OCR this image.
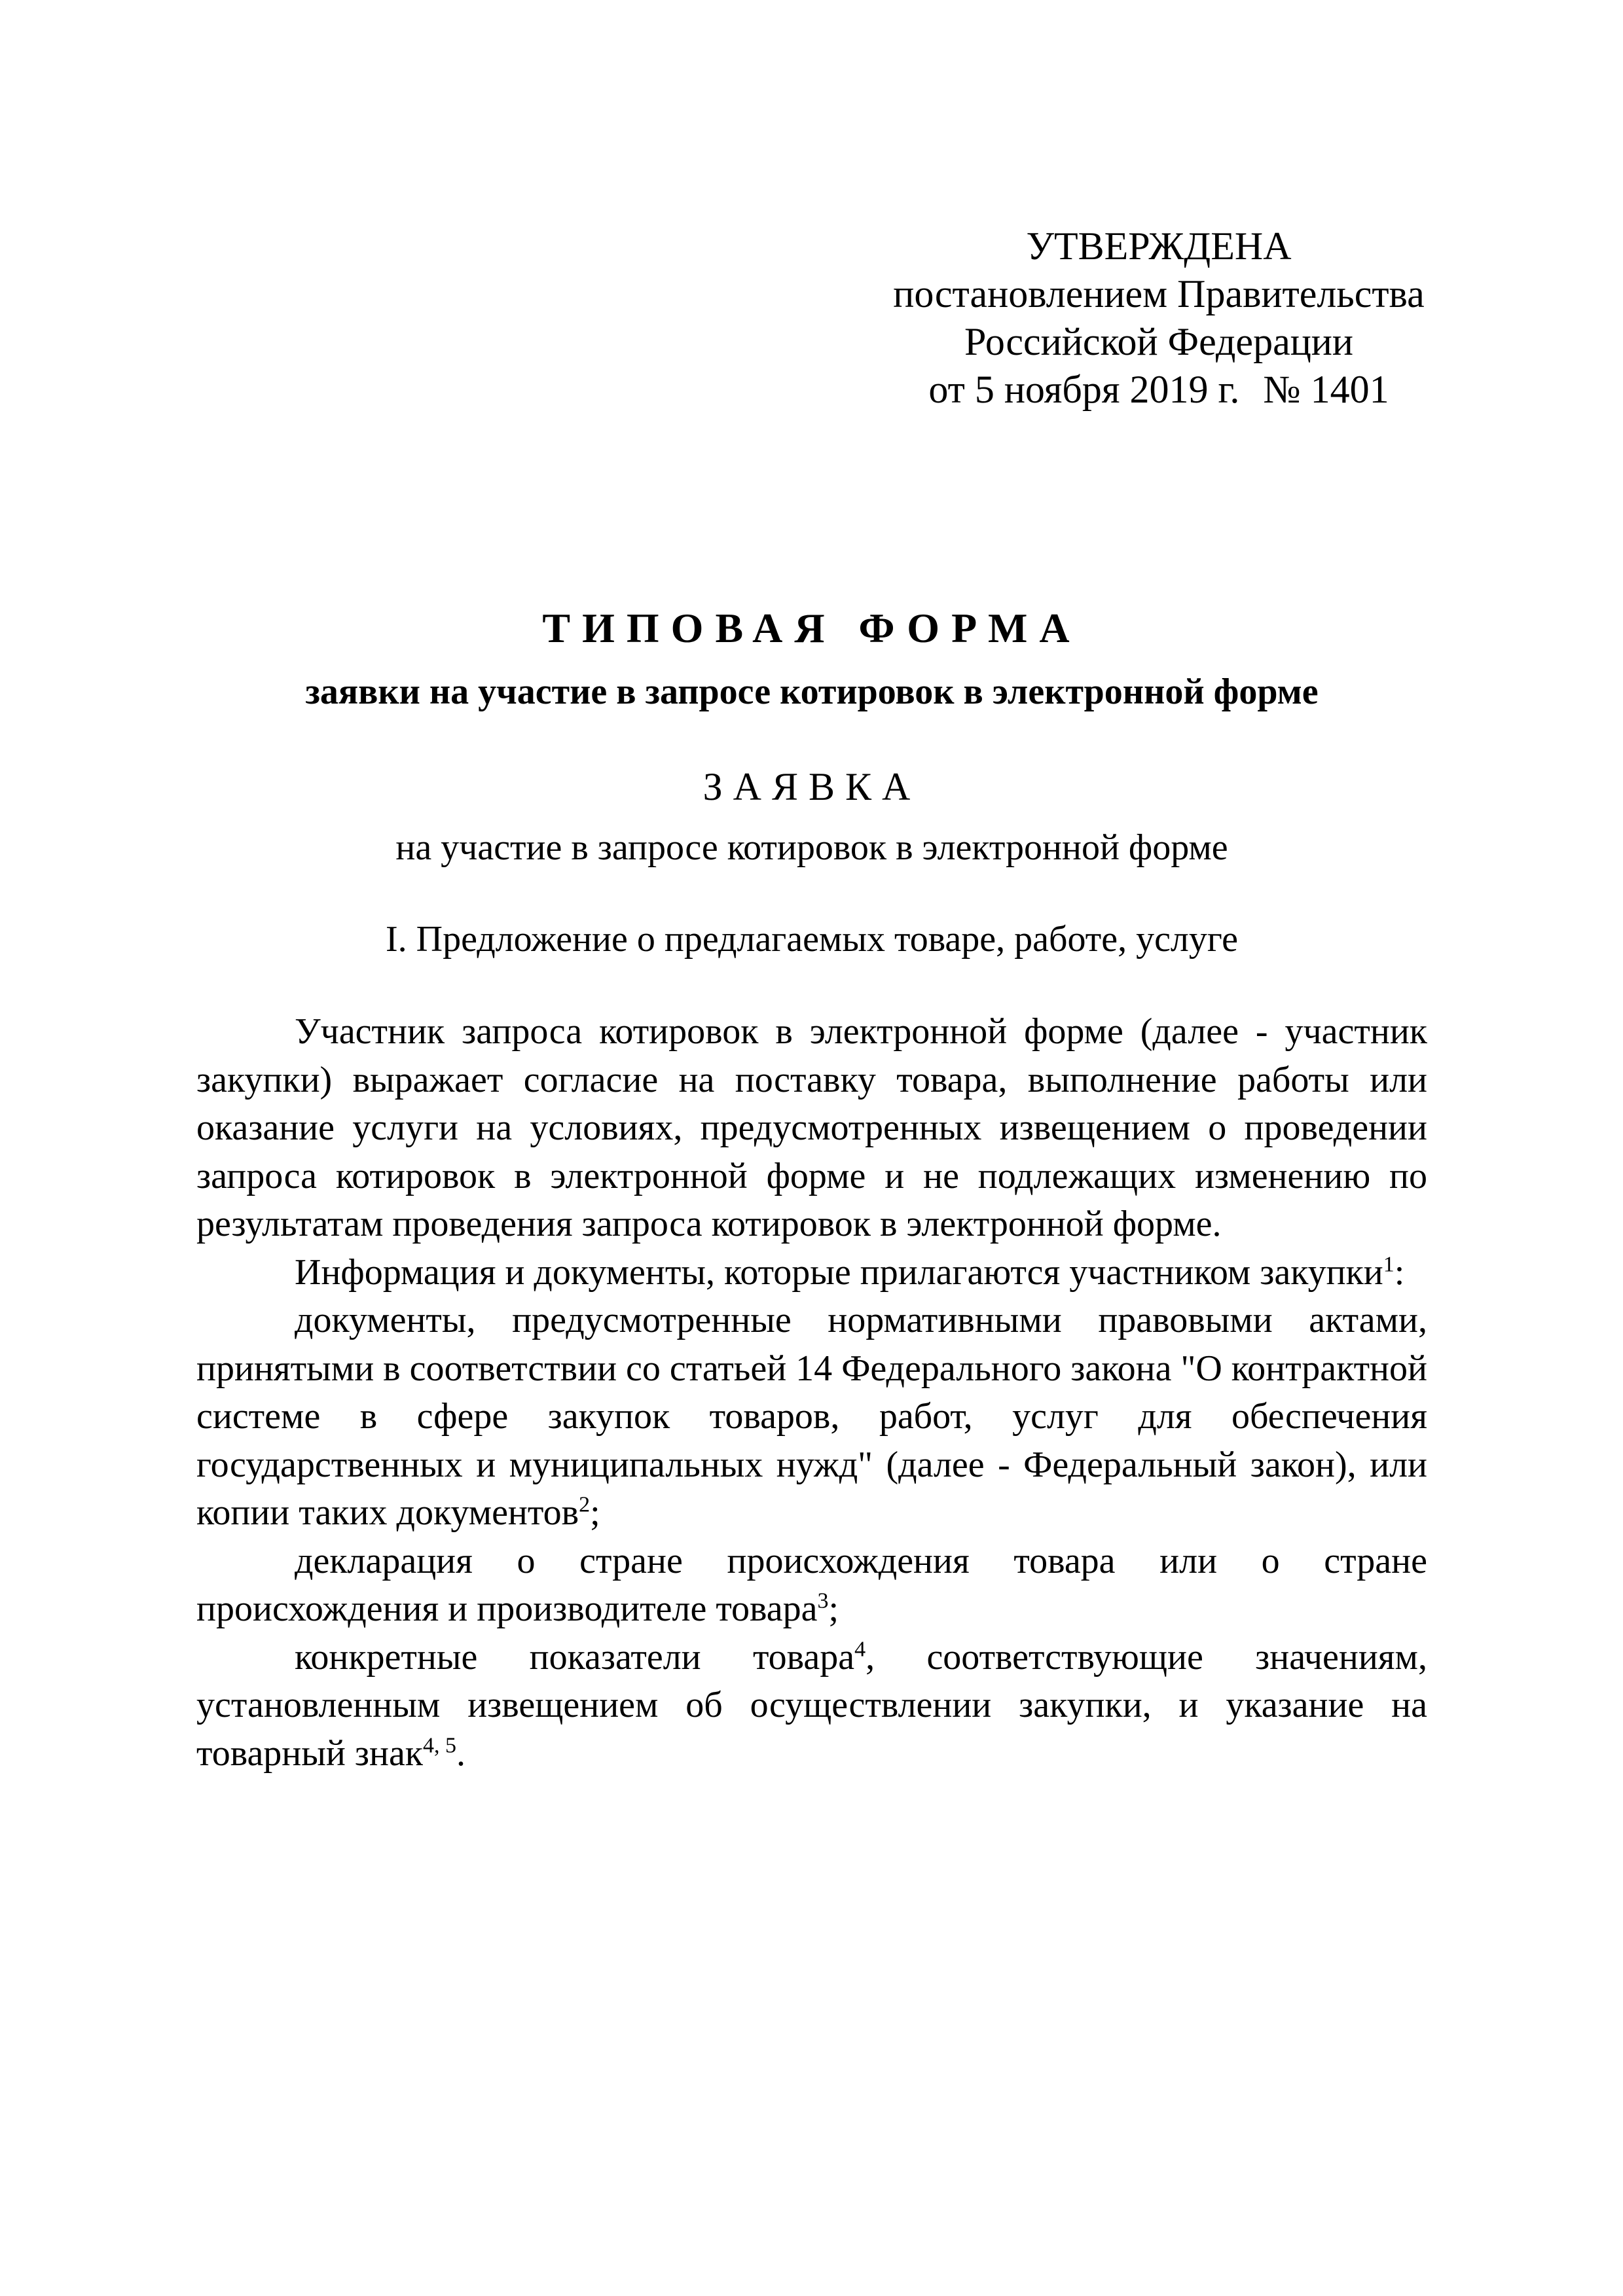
УТВЕРЖДЕНА
постановлением Правительства
Российской Федерации
от 5 ноября 2019 г. № 1401
ТИПОВАЯ ФОРМА
заявки на участие в запросе котировок в электронной форме
ЗАЯВКА
на участие в запросе котировок в электронной форме
I. Предложение о предлагаемых товаре, работе, услуге

Участник запроса котировок в электронной форме (далее - участник закупки) выражает согласие на поставку товара, выполнение работы или оказание услуги на условиях, предусмотренных извещением о проведении запроса котировок в электронной форме и не подлежащих изменению по результатам проведения запроса котировок в электронной форме.

Информация и документы, которые прилагаются участником закупки$^1$:

документы, предусмотренные нормативными правовыми актами, принятыми в соответствии со статьей 14 Федерального закона "О контрактной системе в сфере закупок товаров, работ, услуг для обеспечения государственных и муниципальных нужд" (далее - Федеральный закон), или копии таких документов$^2$;

декларация о стране происхождения товара или о стране происхождения и производителе товара$^3$;

конкретные показатели товара$^4$, соответствующие значениям, установленным извещением об осуществлении закупки, и указание на товарный знак$^{4, 5}$.
